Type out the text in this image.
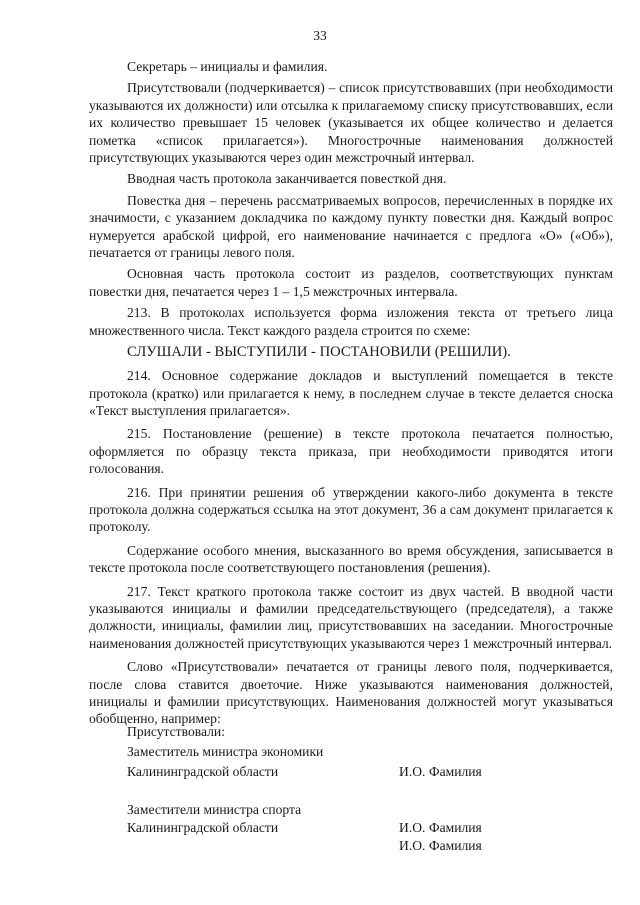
33

Секретарь – инициалы и фамилия.

Присутствовали (подчеркивается) – список присутствовавших (при необходимости указываются их должности) или отсылка к прилагаемому списку присутствовавших, если их количество превышает 15 человек (указывается их общее количество и делается пометка «список прилагается»). Многострочные наименования должностей присутствующих указываются через один межстрочный интервал.

Вводная часть протокола заканчивается повесткой дня.

Повестка дня – перечень рассматриваемых вопросов, перечисленных в порядке их значимости, с указанием докладчика по каждому пункту повестки дня. Каждый вопрос нумеруется арабской цифрой, его наименование начинается с предлога «О» («Об»), печатается от границы левого поля.

Основная часть протокола состоит из разделов, соответствующих пунктам повестки дня, печатается через 1 – 1,5 межстрочных интервала.

213. В протоколах используется форма изложения текста от третьего лица множественного числа. Текст каждого раздела строится по схеме:

СЛУШАЛИ - ВЫСТУПИЛИ - ПОСТАНОВИЛИ (РЕШИЛИ).

214. Основное содержание докладов и выступлений помещается в тексте протокола (кратко) или прилагается к нему, в последнем случае в тексте делается сноска «Текст выступления прилагается».

215. Постановление (решение) в тексте протокола печатается полностью, оформляется по образцу текста приказа, при необходимости приводятся итоги голосования.

216. При принятии решения об утверждении какого-либо документа в тексте протокола должна содержаться ссылка на этот документ, 36 а сам документ прилагается к протоколу.

Содержание особого мнения, высказанного во время обсуждения, записывается в тексте протокола после соответствующего постановления (решения).

217. Текст краткого протокола также состоит из двух частей. В вводной части указываются инициалы и фамилии председательствующего (председателя), а также должности, инициалы, фамилии лиц, присутствовавших на заседании. Многострочные наименования должностей присутствующих указываются через 1 межстрочный интервал.

Слово «Присутствовали» печатается от границы левого поля, подчеркивается, после слова ставится двоеточие. Ниже указываются наименования должностей, инициалы и фамилии присутствующих. Наименования должностей могут указываться обобщенно, например:

Присутствовали:
Заместитель министра экономики
Калининградской области	И.О. Фамилия
Заместители министра спорта
Калининградской области	И.О. Фамилия
И.О. Фамилия
